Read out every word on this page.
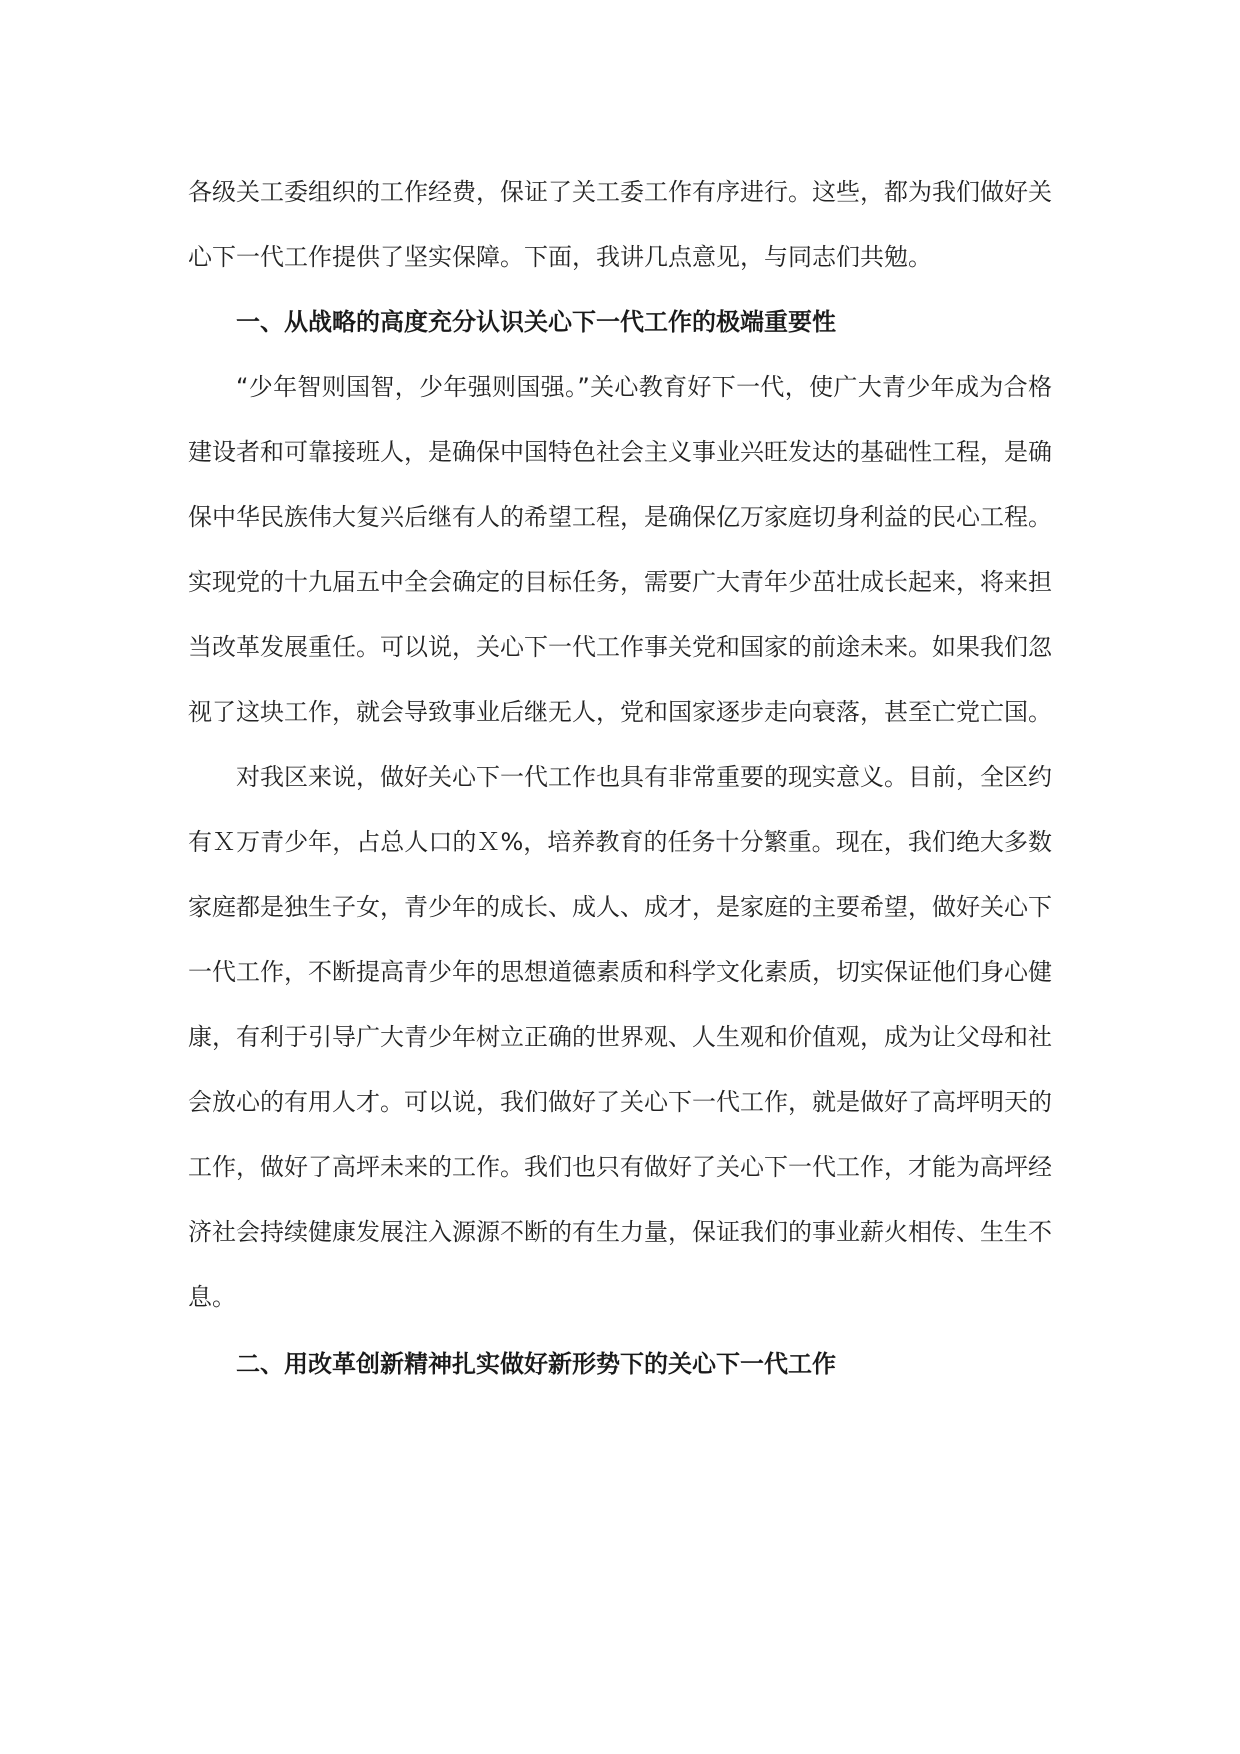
各级关工委组织的工作经费，保证了关工委工作有序进行。这些，都为我们做好关心下一代工作提供了坚实保障。下面，我讲几点意见，与同志们共勉。

一、从战略的高度充分认识关心下一代工作的极端重要性

“少年智则国智，少年强则国强。”关心教育好下一代，使广大青少年成为合格建设者和可靠接班人，是确保中国特色社会主义事业兴旺发达的基础性工程，是确保中华民族伟大复兴后继有人的希望工程，是确保亿万家庭切身利益的民心工程。实现党的十九届五中全会确定的目标任务，需要广大青年少茁壮成长起来，将来担当改革发展重任。可以说，关心下一代工作事关党和国家的前途未来。如果我们忽视了这块工作，就会导致事业后继无人，党和国家逐步走向衰落，甚至亡党亡国。

对我区来说，做好关心下一代工作也具有非常重要的现实意义。目前，全区约有Ｘ万青少年，占总人口的Ｘ%，培养教育的任务十分繁重。现在，我们绝大多数家庭都是独生子女，青少年的成长、成人、成才，是家庭的主要希望，做好关心下一代工作，不断提高青少年的思想道德素质和科学文化素质，切实保证他们身心健康，有利于引导广大青少年树立正确的世界观、人生观和价值观，成为让父母和社会放心的有用人才。可以说，我们做好了关心下一代工作，就是做好了高坪明天的工作，做好了高坪未来的工作。我们也只有做好了关心下一代工作，才能为高坪经济社会持续健康发展注入源源不断的有生力量，保证我们的事业薪火相传、生生不息。

二、用改革创新精神扎实做好新形势下的关心下一代工作
